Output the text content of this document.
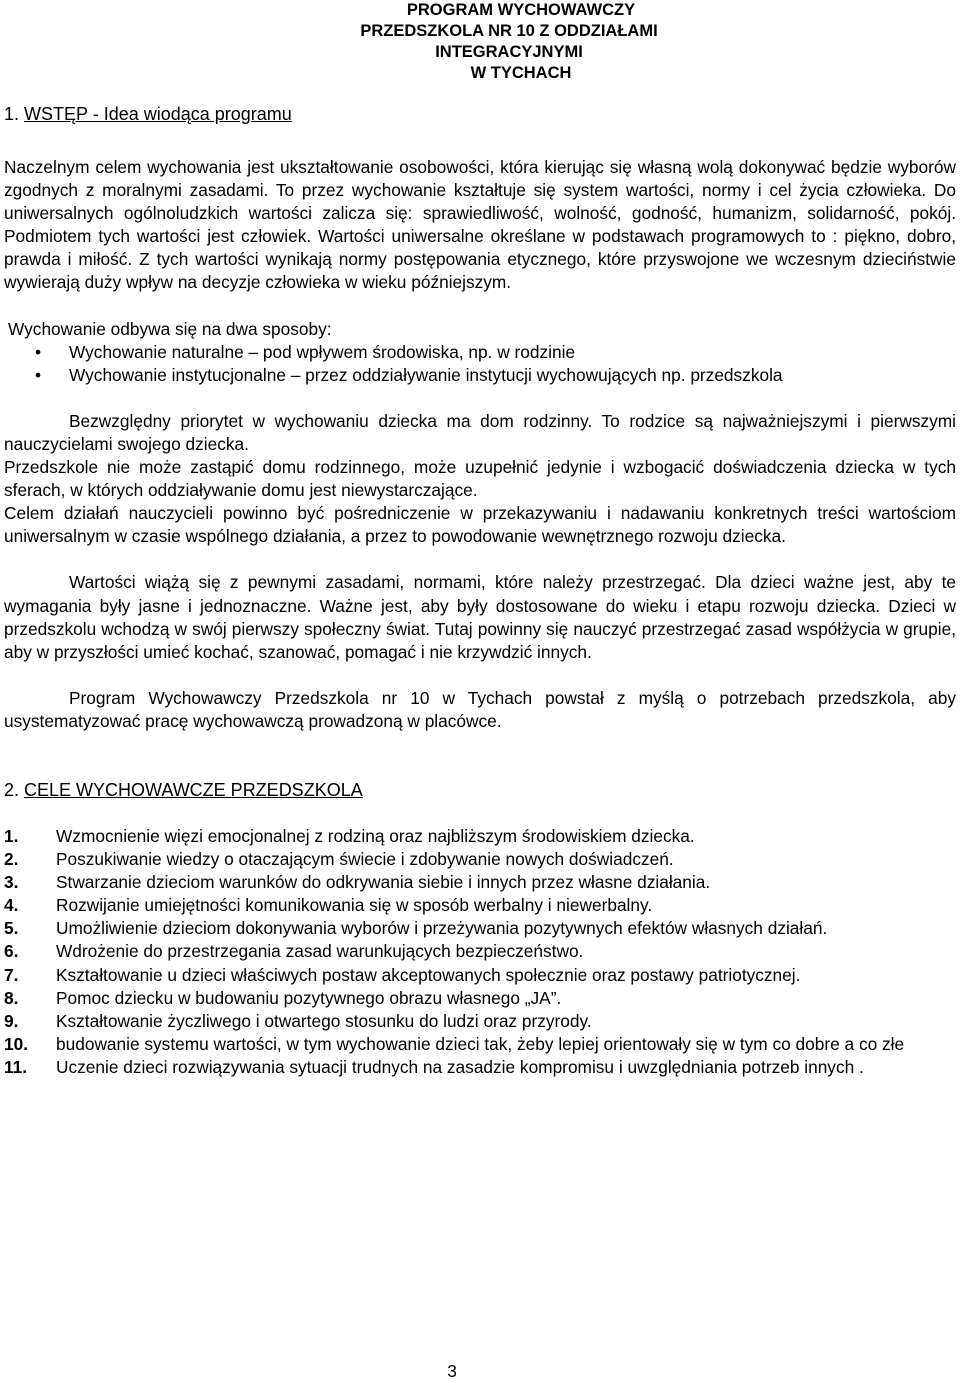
PROGRAM WYCHOWAWCZY
PRZEDSZKOLA NR 10 Z ODDZIAŁAMI INTEGRACYJNYMI
W TYCHACH
1. WSTĘP - Idea wiodąca programu

Naczelnym celem wychowania jest ukształtowanie osobowości, która kierując się własną wolą dokonywać będzie wyborów zgodnych z moralnymi zasadami. To przez wychowanie kształtuje się system wartości, normy i cel życia człowieka. Do uniwersalnych ogólnoludzkich wartości zalicza się: sprawiedliwość, wolność, godność, humanizm, solidarność, pokój. Podmiotem tych wartości jest człowiek. Wartości uniwersalne określane w podstawach programowych to : piękno, dobro, prawda i miłość. Z tych wartości wynikają normy postępowania etycznego, które przyswojone we wczesnym dzieciństwie wywierają duży wpływ na decyzje człowieka w wieku późniejszym.

Wychowanie odbywa się na dwa sposoby:

• Wychowanie naturalne – pod wpływem środowiska, np. w rodzinie
• Wychowanie instytucjonalne – przez oddziaływanie instytucji wychowujących np. przedszkola

Bezwzględny priorytet w wychowaniu dziecka ma dom rodzinny. To rodzice są najważniejszymi i pierwszymi nauczycielami swojego dziecka.

Przedszkole nie może zastąpić domu rodzinnego, może uzupełnić jedynie i wzbogacić doświadczenia dziecka w tych sferach, w których oddziaływanie domu jest niewystarczające.

Celem działań nauczycieli powinno być pośredniczenie w przekazywaniu i nadawaniu konkretnych treści wartościom uniwersalnym w czasie wspólnego działania, a przez to powodowanie wewnętrznego rozwoju dziecka.

Wartości wiążą się z pewnymi zasadami, normami, które należy przestrzegać. Dla dzieci ważne jest, aby te wymagania były jasne i jednoznaczne. Ważne jest, aby były dostosowane do wieku i etapu rozwoju dziecka. Dzieci w przedszkolu wchodzą w swój pierwszy społeczny świat. Tutaj powinny się nauczyć przestrzegać zasad współżycia w grupie, aby w przyszłości umieć kochać, szanować, pomagać i nie krzywdzić innych.

Program Wychowawczy Przedszkola nr 10 w Tychach powstał z myślą o potrzebach przedszkola, aby usystematyzować pracę wychowawczą prowadzoną w placówce.

2. CELE WYCHOWAWCZE PRZEDSZKOLA
1. Wzmocnienie więzi emocjonalnej z rodziną oraz najbliższym środowiskiem dziecka.
2. Poszukiwanie wiedzy o otaczającym świecie i zdobywanie nowych doświadczeń.
3. Stwarzanie dzieciom warunków do odkrywania siebie i innych przez własne działania.
4. Rozwijanie umiejętności komunikowania się w sposób werbalny i niewerbalny.
5. Umożliwienie dzieciom dokonywania wyborów i przeżywania pozytywnych efektów własnych działań.
6. Wdrożenie do przestrzegania zasad warunkujących bezpieczeństwo.
7. Kształtowanie u dzieci właściwych postaw akceptowanych społecznie oraz postawy patriotycznej.
8. Pomoc dziecku w budowaniu pozytywnego obrazu własnego „JA”.
9. Kształtowanie życzliwego i otwartego stosunku do ludzi oraz przyrody.
10. budowanie systemu wartości, w tym wychowanie dzieci tak, żeby lepiej orientowały się w tym co dobre a co złe
11. Uczenie dzieci rozwiązywania sytuacji trudnych na zasadzie kompromisu i uwzględniania potrzeb innych .
3
